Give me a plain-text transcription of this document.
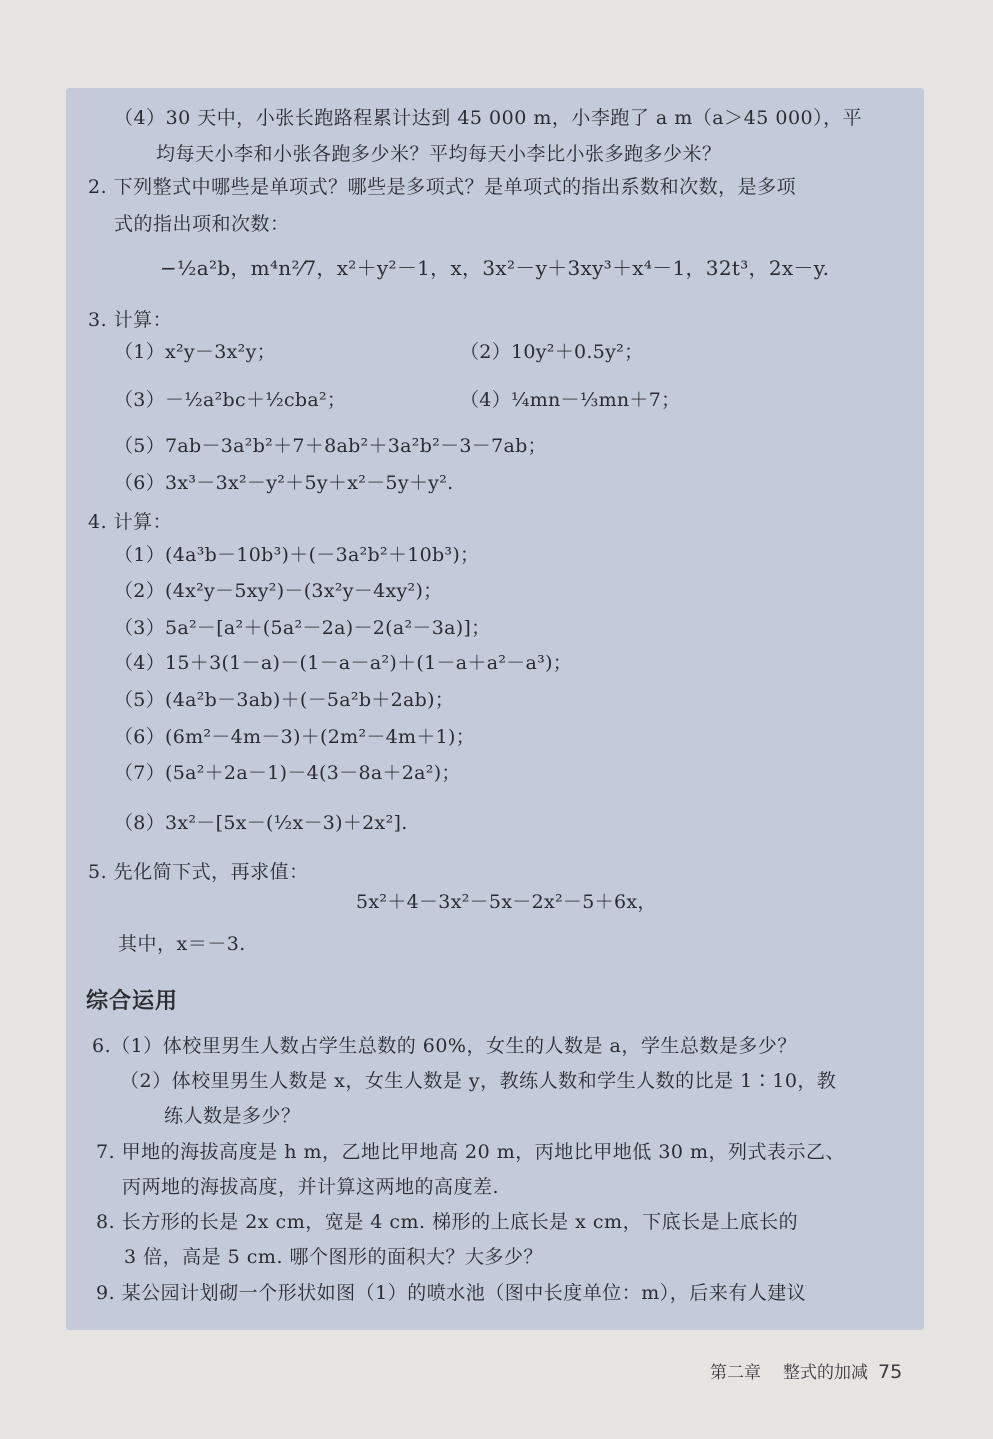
（4）30 天中，小张长跑路程累计达到 45 000 m，小李跑了 a m（a＞45 000），平
均每天小李和小张各跑多少米？平均每天小李比小张多跑多少米？
2. 下列整式中哪些是单项式？哪些是多项式？是单项式的指出系数和次数，是多项
式的指出项和次数：
−½a²b，m⁴n²⁄7，x²＋y²－1，x，3x²－y＋3xy³＋x⁴－1，32t³，2x－y.
3. 计算：
（1）x²y－3x²y；	（2）10y²＋0.5y²；
（3）－½a²bc＋½cba²；	（4）¼mn－⅓mn＋7；
（5）7ab－3a²b²＋7＋8ab²＋3a²b²－3－7ab；
（6）3x³－3x²－y²＋5y＋x²－5y＋y².
4. 计算：
（1）(4a³b－10b³)＋(－3a²b²＋10b³)；
（2）(4x²y－5xy²)－(3x²y－4xy²)；
（3）5a²－[a²＋(5a²－2a)－2(a²－3a)]；
（4）15＋3(1－a)－(1－a－a²)＋(1－a＋a²－a³)；
（5）(4a²b－3ab)＋(－5a²b＋2ab)；
（6）(6m²－4m－3)＋(2m²－4m＋1)；
（7）(5a²＋2a－1)－4(3－8a＋2a²)；
（8）3x²－[5x－(½x－3)＋2x²].
5. 先化简下式，再求值：
5x²＋4－3x²－5x－2x²－5＋6x，
其中，x＝－3.
综合运用
6.（1）体校里男生人数占学生总数的 60%，女生的人数是 a，学生总数是多少？
（2）体校里男生人数是 x，女生人数是 y，教练人数和学生人数的比是 1∶10，教
练人数是多少？
7. 甲地的海拔高度是 h m，乙地比甲地高 20 m，丙地比甲地低 30 m，列式表示乙、
丙两地的海拔高度，并计算这两地的高度差.
8. 长方形的长是 2x cm，宽是 4 cm. 梯形的上底长是 x cm，下底长是上底长的
3 倍，高是 5 cm. 哪个图形的面积大？大多少？
9. 某公园计划砌一个形状如图（1）的喷水池（图中长度单位：m），后来有人建议
第二章 整式的加减 75
